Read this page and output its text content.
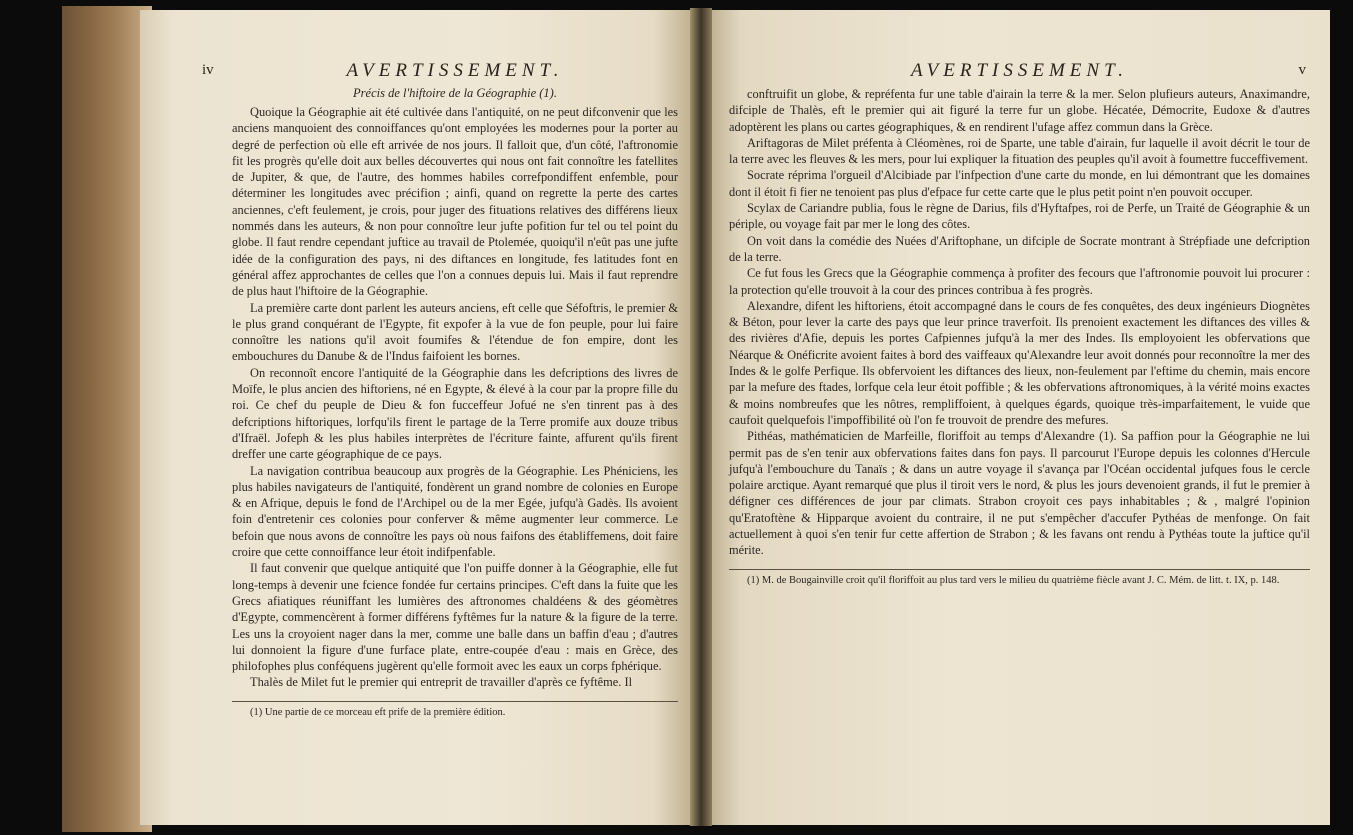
iv	AVERTISSEMENT.
Précis de l'hiftoire de la Géographie (1).

Quoique la Géographie ait été cultivée dans l'antiquité, on ne peut difconvenir que les anciens manquoient des connoiffances qu'ont employées les modernes pour la porter au degré de perfection où elle eft arrivée de nos jours. Il falloit que, d'un côté, l'aftronomie fit les progrès qu'elle doit aux belles découvertes qui nous ont fait connoître les fatellites de Jupiter, & que, de l'autre, des hommes habiles correfpondiffent enfemble, pour déterminer les longitudes avec précifion ; ainfi, quand on regrette la perte des cartes anciennes, c'eft feulement, je crois, pour juger des fituations relatives des différens lieux nommés dans les auteurs, & non pour connoître leur jufte pofition fur tel ou tel point du globe. Il faut rendre cependant juftice au travail de Ptolemée, quoiqu'il n'eût pas une jufte idée de la configuration des pays, ni des diftances en longitude, fes latitudes font en général affez approchantes de celles que l'on a connues depuis lui. Mais il faut reprendre de plus haut l'hiftoire de la Géographie.

La première carte dont parlent les auteurs anciens, eft celle que Séfoftris, le premier & le plus grand conquérant de l'Egypte, fit expofer à la vue de fon peuple, pour lui faire connoître les nations qu'il avoit foumifes & l'étendue de fon empire, dont les embouchures du Danube & de l'Indus faifoient les bornes.

On reconnoît encore l'antiquité de la Géographie dans les defcriptions des livres de Moïfe, le plus ancien des hiftoriens, né en Egypte, & élevé à la cour par la propre fille du roi. Ce chef du peuple de Dieu & fon fucceffeur Jofué ne s'en tinrent pas à des defcriptions hiftoriques, lorfqu'ils firent le partage de la Terre promife aux douze tribus d'Ifraël. Jofeph & les plus habiles interprètes de l'écriture fainte, affurent qu'ils firent dreffer une carte géographique de ce pays.

La navigation contribua beaucoup aux progrès de la Géographie. Les Phéniciens, les plus habiles navigateurs de l'antiquité, fondèrent un grand nombre de colonies en Europe & en Afrique, depuis le fond de l'Archipel ou de la mer Egée, jufqu'à Gadès. Ils avoient foin d'entretenir ces colonies pour conferver & même augmenter leur commerce. Le befoin que nous avons de connoître les pays où nous faifons des établiffemens, doit faire croire que cette connoiffance leur étoit indifpenfable.

Il faut convenir que quelque antiquité que l'on puiffe donner à la Géographie, elle fut long-temps à devenir une fcience fondée fur certains principes. C'eft dans la fuite que les Grecs afiatiques réuniffant les lumières des aftronomes chaldéens & des géomètres d'Egypte, commencèrent à former différens fyftêmes fur la nature & la figure de la terre. Les uns la croyoient nager dans la mer, comme une balle dans un baffin d'eau ; d'autres lui donnoient la figure d'une furface plate, entre-coupée d'eau : mais en Grèce, des philofophes plus conféquens jugèrent qu'elle formoit avec les eaux un corps fphérique.

Thalès de Milet fut le premier qui entreprit de travailler d'après ce fyftême. Il

(1) Une partie de ce morceau eft prife de la première édition.

AVERTISSEMENT.	v

conftruifit un globe, & repréfenta fur une table d'airain la terre & la mer. Selon plufieurs auteurs, Anaximandre, difciple de Thalès, eft le premier qui ait figuré la terre fur un globe. Hécatée, Démocrite, Eudoxe & d'autres adoptèrent les plans ou cartes géographiques, & en rendirent l'ufage affez commun dans la Grèce.

Ariftagoras de Milet préfenta à Cléomènes, roi de Sparte, une table d'airain, fur laquelle il avoit décrit le tour de la terre avec les fleuves & les mers, pour lui expliquer la fituation des peuples qu'il avoit à foumettre fucceffivement.

Socrate réprima l'orgueil d'Alcibiade par l'infpection d'une carte du monde, en lui démontrant que les domaines dont il étoit fi fier ne tenoient pas plus d'efpace fur cette carte que le plus petit point n'en pouvoit occuper.

Scylax de Cariandre publia, fous le règne de Darius, fils d'Hyftafpes, roi de Perfe, un Traité de Géographie & un périple, ou voyage fait par mer le long des côtes.

On voit dans la comédie des Nuées d'Ariftophane, un difciple de Socrate montrant à Strépfiade une defcription de la terre.

Ce fut fous les Grecs que la Géographie commença à profiter des fecours que l'aftronomie pouvoit lui procurer : la protection qu'elle trouvoit à la cour des princes contribua à fes progrès.

Alexandre, difent les hiftoriens, étoit accompagné dans le cours de fes conquêtes, des deux ingénieurs Diognètes & Béton, pour lever la carte des pays que leur prince traverfoit. Ils prenoient exactement les diftances des villes & des rivières d'Afie, depuis les portes Cafpiennes jufqu'à la mer des Indes. Ils employoient les obfervations que Néarque & Onéficrite avoient faites à bord des vaiffeaux qu'Alexandre leur avoit donnés pour reconnoître la mer des Indes & le golfe Perfique. Ils obfervoient les diftances des lieux, non-feulement par l'eftime du chemin, mais encore par la mefure des ftades, lorfque cela leur étoit poffible ; & les obfervations aftronomiques, à la vérité moins exactes & moins nombreufes que les nôtres, rempliffoient, à quelques égards, quoique très-imparfaitement, le vuide que caufoit quelquefois l'impoffibilité où l'on fe trouvoit de prendre des mefures.

Pithéas, mathématicien de Marfeille, floriffoit au temps d'Alexandre (1). Sa paffion pour la Géographie ne lui permit pas de s'en tenir aux obfervations faites dans fon pays. Il parcourut l'Europe depuis les colonnes d'Hercule jufqu'à l'embouchure du Tanaïs ; & dans un autre voyage il s'avança par l'Océan occidental jufques fous le cercle polaire arctique. Ayant remarqué que plus il tiroit vers le nord, & plus les jours devenoient grands, il fut le premier à défigner ces différences de jour par climats. Strabon croyoit ces pays inhabitables ; & , malgré l'opinion qu'Eratoftène & Hipparque avoient du contraire, il ne put s'empêcher d'accufer Pythéas de menfonge. On fait actuellement à quoi s'en tenir fur cette affertion de Strabon ; & les favans ont rendu à Pythéas toute la juftice qu'il mérite.

(1) M. de Bougainville croit qu'il floriffoit au plus tard vers le milieu du quatrième fiècle avant J. C. Mém. de litt. t. IX, p. 148.
